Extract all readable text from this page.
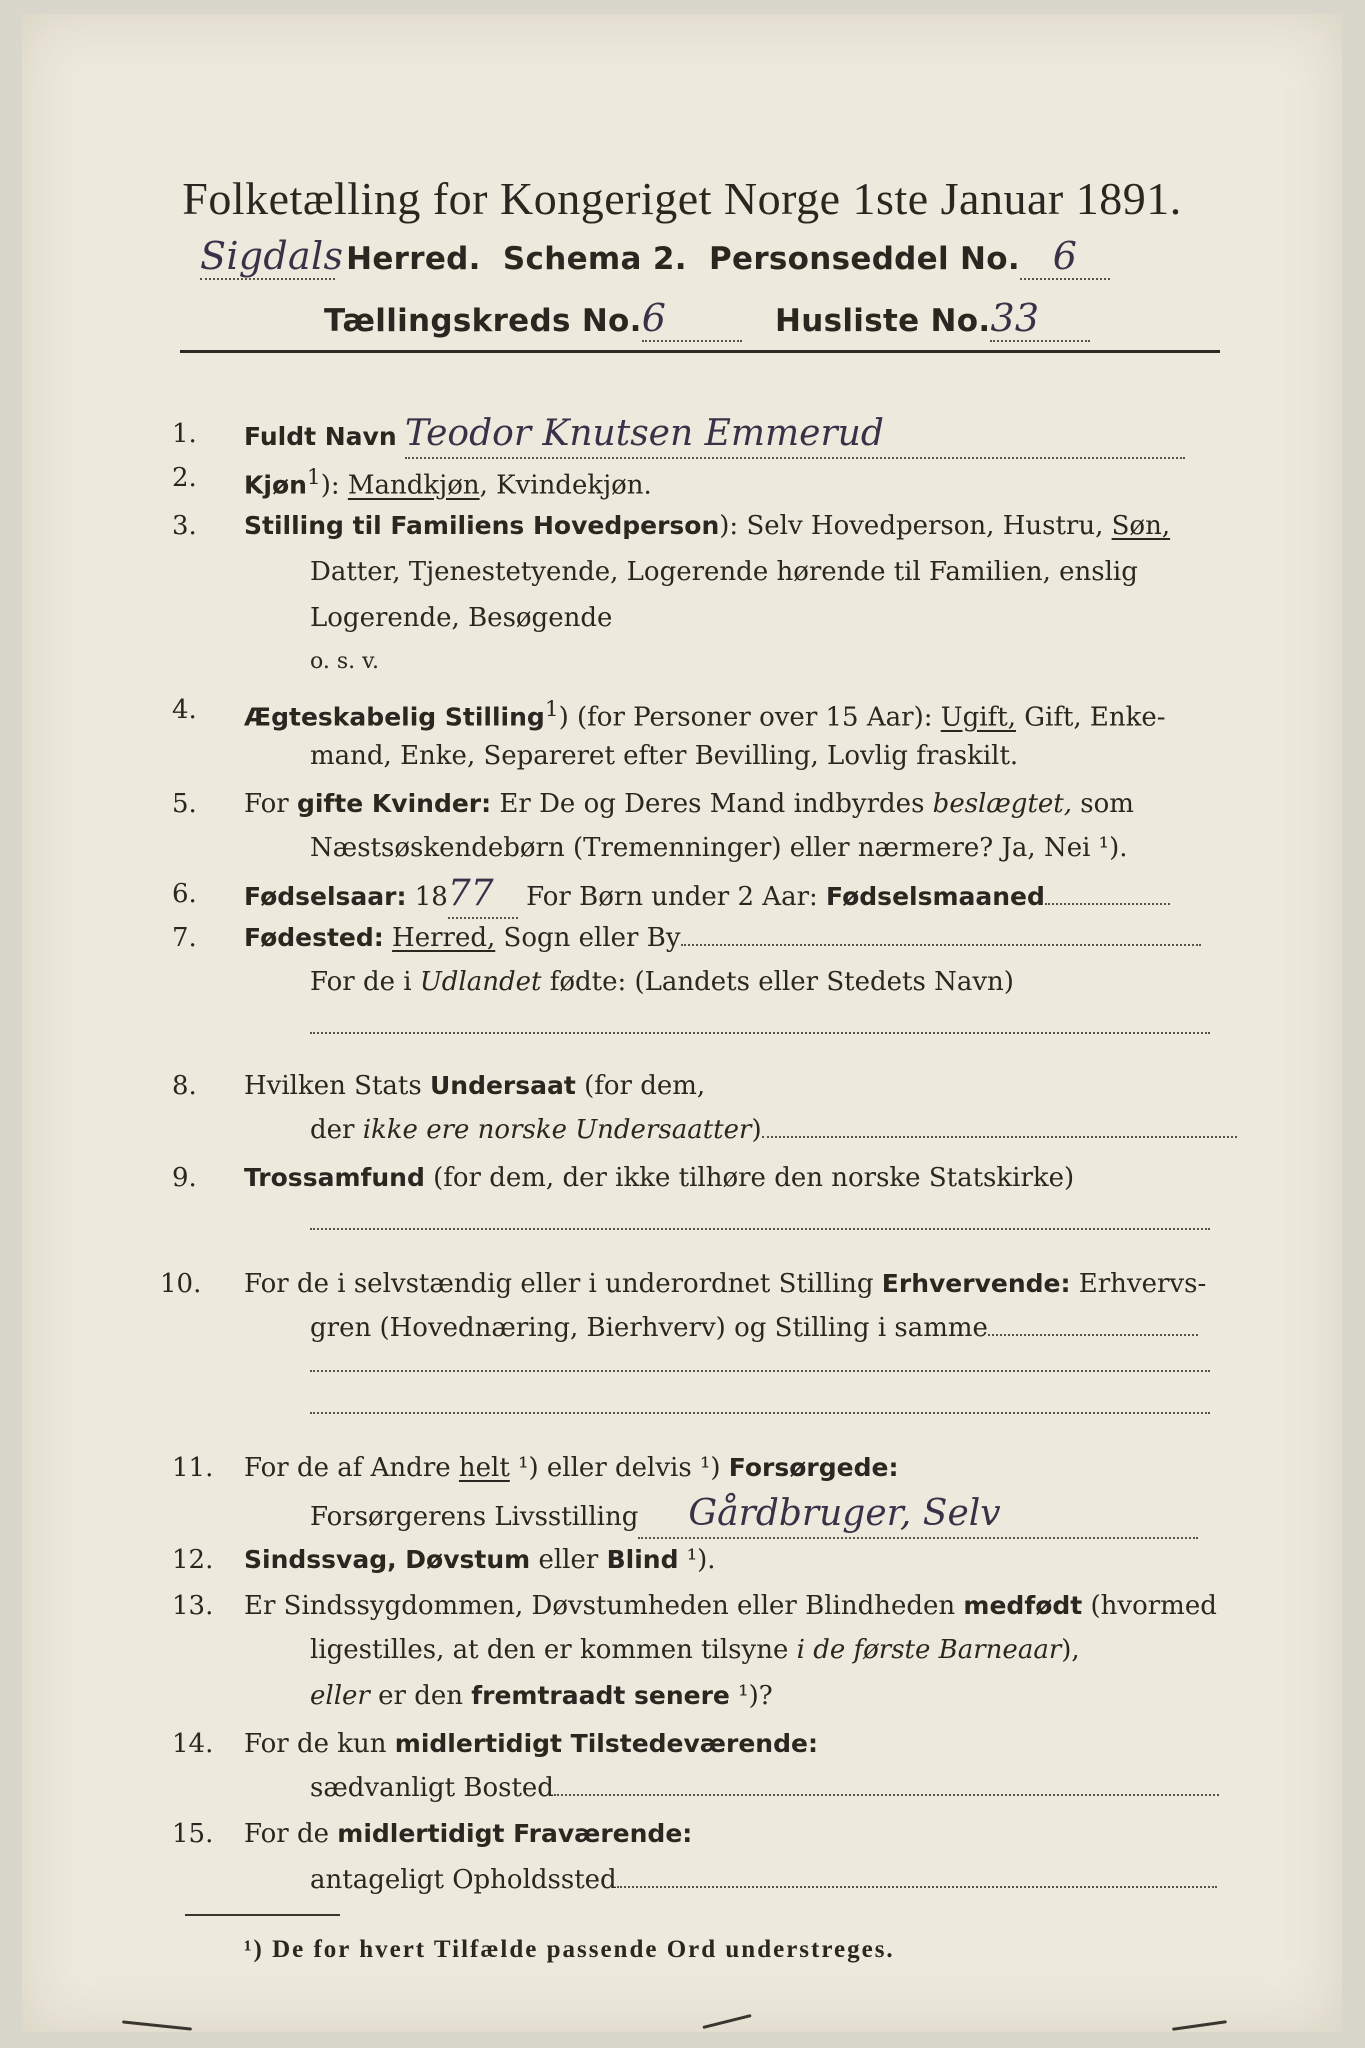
Folketælling for Kongeriget Norge 1ste Januar 1891.
Sigdals Herred. Schema 2. Personseddel No. 6
Tællingskreds No.6	Husliste No.33
1.	Fuldt Navn Teodor Knutsen Emmerud
2.	Kjøn$^1$): Mandkjøn, Kvindekjøn.
3.	Stilling til Familiens Hovedperson): Selv Hovedperson, Hustru, Søn,
Datter, Tjenestetyende, Logerende hørende til Familien, enslig
Logerende, Besøgende
o. s. v.
4.	Ægteskabelig Stilling$^1$) (for Personer over 15 Aar): Ugift, Gift, Enke-
mand, Enke, Separeret efter Bevilling, Lovlig fraskilt.
5.	For gifte Kvinder: Er De og Deres Mand indbyrdes beslægtet, som
Næstsøskendebørn (Tremenninger) eller nærmere? Ja, Nei ¹).
6.	Fødselsaar: 1877 For Børn under 2 Aar: Fødselsmaaned
7.	Fødested: Herred, Sogn eller By
For de i Udlandet fødte: (Landets eller Stedets Navn)
8.	Hvilken Stats Undersaat (for dem,
der ikke ere norske Undersaatter)
9.	Trossamfund (for dem, der ikke tilhøre den norske Statskirke)
10.	For de i selvstændig eller i underordnet Stilling Erhvervende: Erhvervs-
gren (Hovednæring, Bierhverv) og Stilling i samme
11.	For de af Andre helt ¹) eller delvis ¹) Forsørgede:
Forsørgerens Livsstilling Gårdbruger, Selv
12.	Sindssvag, Døvstum eller Blind ¹).
13.	Er Sindssygdommen, Døvstumheden eller Blindheden medfødt (hvormed
ligestilles, at den er kommen tilsyne i de første Barneaar),
eller er den fremtraadt senere ¹)?
14.	For de kun midlertidigt Tilstedeværende:
sædvanligt Bosted
15.	For de midlertidigt Fraværende:
antageligt Opholdssted
¹) De for hvert Tilfælde passende Ord understreges.
